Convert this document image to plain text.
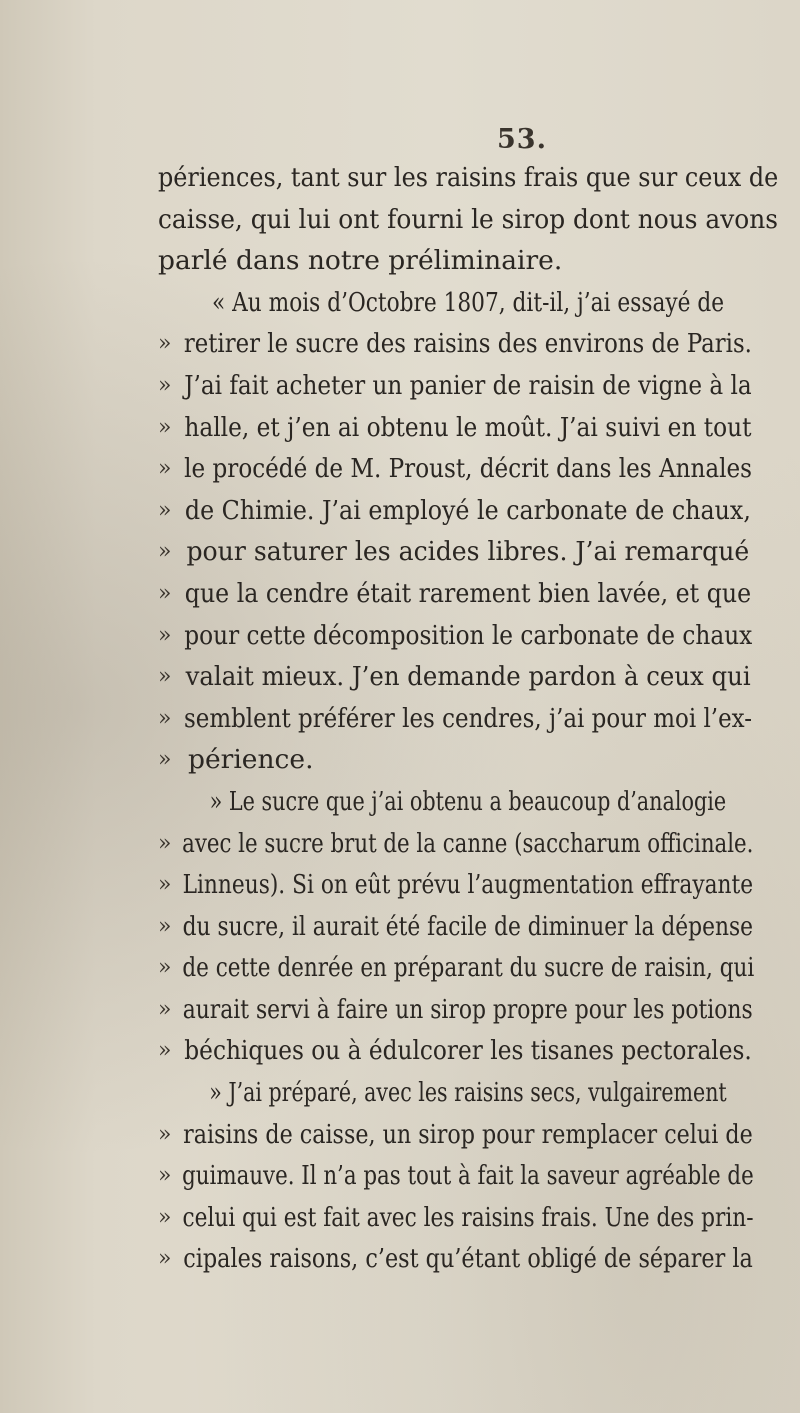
53.
périences, tant sur les raisins frais que sur ceux de
caisse, qui lui ont fourni le sirop dont nous avons
parlé dans notre préliminaire.
« Au mois d’Octobre 1807, dit-il, j’ai essayé de
» retirer le sucre des raisins des environs de Paris.
» J’ai fait acheter un panier de raisin de vigne à la
» halle, et j’en ai obtenu le moût. J’ai suivi en tout
» le procédé de M. Proust, décrit dans les Annales
» de Chimie. J’ai employé le carbonate de chaux,
» pour saturer les acides libres. J’ai remarqué
» que la cendre était rarement bien lavée, et que
» pour cette décomposition le carbonate de chaux
» valait mieux. J’en demande pardon à ceux qui
» semblent préférer les cendres, j’ai pour moi l’ex-
» périence.
» Le sucre que j’ai obtenu a beaucoup d’analogie
» avec le sucre brut de la canne (saccharum officinale.
» Linneus). Si on eût prévu l’augmentation effrayante
» du sucre, il aurait été facile de diminuer la dépense
» de cette denrée en préparant du sucre de raisin, qui
» aurait servi à faire un sirop propre pour les potions
» béchiques ou à édulcorer les tisanes pectorales.
» J’ai préparé, avec les raisins secs, vulgairement
» raisins de caisse, un sirop pour remplacer celui de
» guimauve. Il n’a pas tout à fait la saveur agréable de
» celui qui est fait avec les raisins frais. Une des prin-
» cipales raisons, c’est qu’étant obligé de séparer la
